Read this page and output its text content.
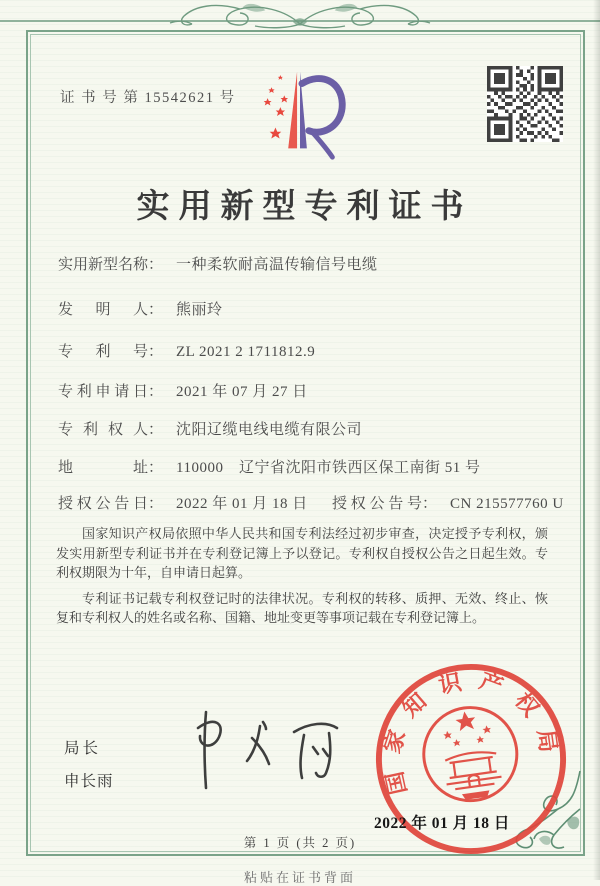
证 书 号 第 15542621 号
实用新型专利证书
实用新型名称： 一种柔软耐高温传输信号电缆
发明人： 熊丽玲
专利号： ZL 2021 2 1711812.9
专利申请日： 2021 年 07 月 27 日
专利权人： 沈阳辽缆电线电缆有限公司
地址： 110000　辽宁省沈阳市铁西区保工南街 51 号
授权公告日： 2022 年 01 月 18 日 授权公告号： CN 215577760 U

国家知识产权局依照中华人民共和国专利法经过初步审查，决定授予专利权，颁发实用新型专利证书并在专利登记簿上予以登记。专利权自授权公告之日起生效。专利权期限为十年，自申请日起算。

专利证书记载专利权登记时的法律状况。专利权的转移、质押、无效、终止、恢复和专利权人的姓名或名称、国籍、地址变更等事项记载在专利登记簿上。

局长
申长雨	国家知识产权局
2022 年 01 月 18 日
第 1 页 (共 2 页)
粘贴在证书背面
